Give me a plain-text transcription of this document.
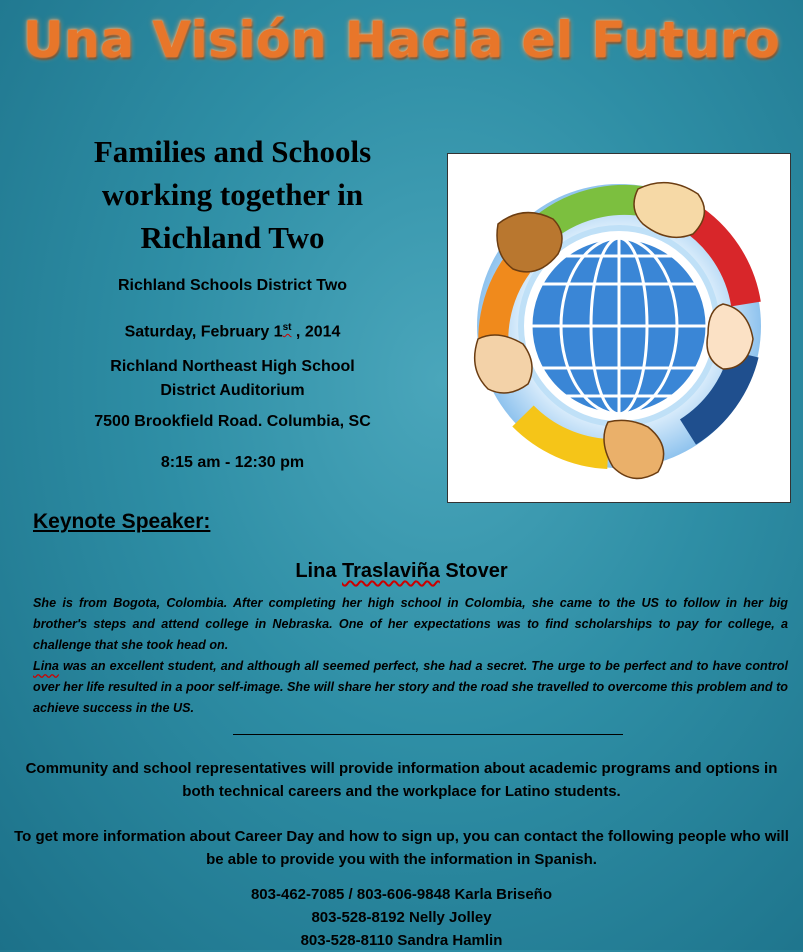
Una Visión Hacia el Futuro
Families and Schools
working together in
Richland Two
Richland Schools District Two
Saturday, February 1st , 2014
Richland Northeast High School
District Auditorium
7500 Brookfield Road. Columbia, SC
8:15 am - 12:30 pm
Keynote Speaker:
Lina Traslaviña Stover

She is from Bogota, Colombia. After completing her high school in Colombia, she came to the US to follow in her big brother's steps and attend college in Nebraska. One of her expectations was to find scholarships to pay for college, a challenge that she took head on.

Lina was an excellent student, and although all seemed perfect, she had a secret. The urge to be perfect and to have control over her life resulted in a poor self-image. She will share her story and the road she travelled to overcome this problem and to achieve success in the US.

Community and school representatives will provide information about academic programs and options in both technical careers and the workplace for Latino students.
To get more information about Career Day and how to sign up, you can contact the following people who will be able to provide you with the information in Spanish.
803-462-7085 / 803-606-9848 Karla Briseño
803-528-8192 Nelly Jolley
803-528-8110 Sandra Hamlin
